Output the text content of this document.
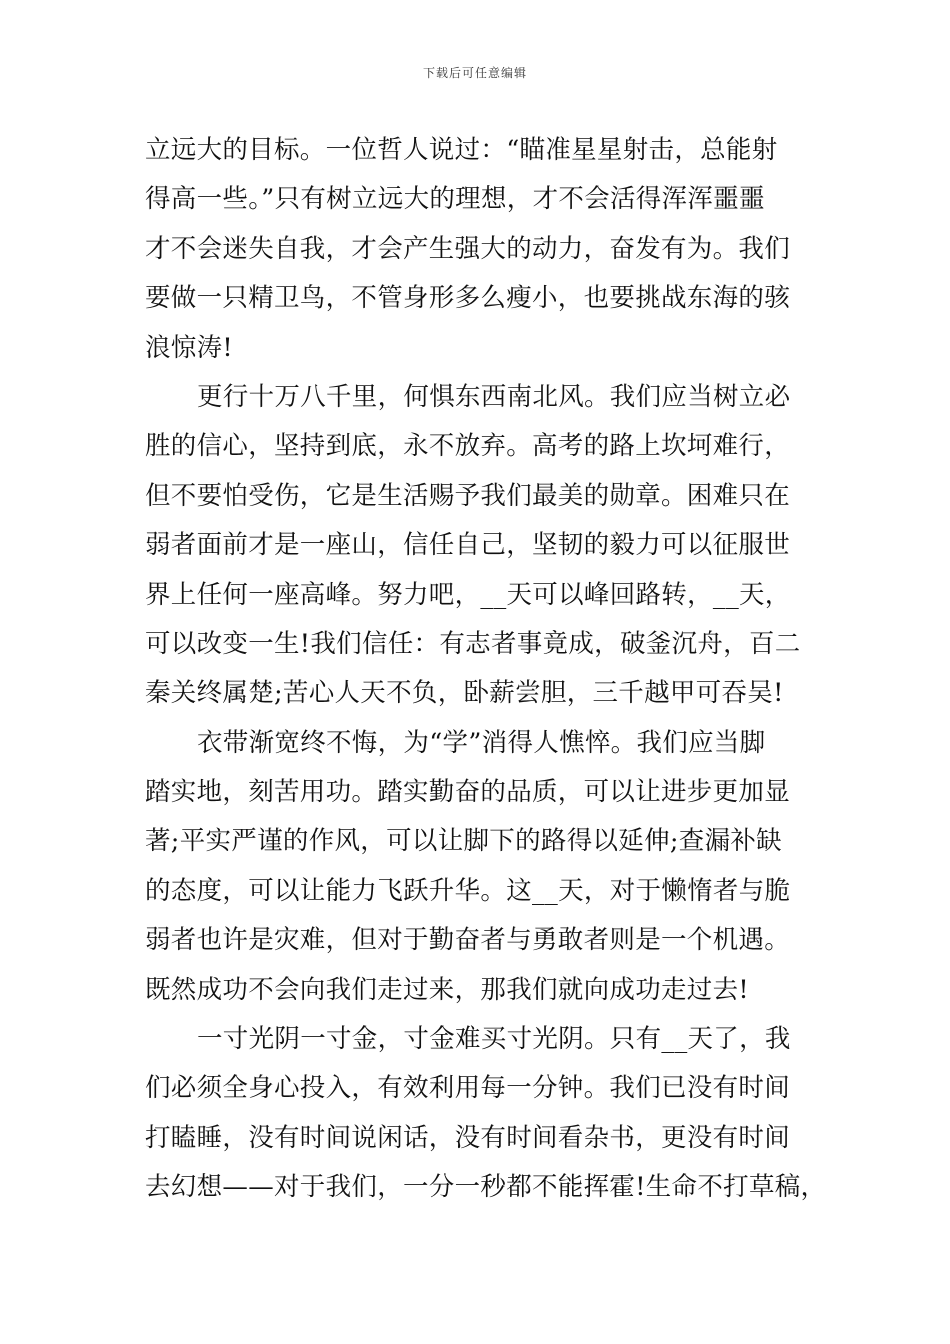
下载后可任意编辑
立远大的目标。一位哲人说过：“瞄准星星射击，总能射
得高一些。”只有树立远大的理想，才不会活得浑浑噩噩
才不会迷失自我，才会产生强大的动力，奋发有为。我们
要做一只精卫鸟，不管身形多么瘦小，也要挑战东海的骇
浪惊涛!
更行十万八千里，何惧东西南北风。我们应当树立必
胜的信心，坚持到底，永不放弃。高考的路上坎坷难行，
但不要怕受伤，它是生活赐予我们最美的勋章。困难只在
弱者面前才是一座山，信任自己，坚韧的毅力可以征服世
界上任何一座高峰。努力吧，__天可以峰回路转，__天，
可以改变一生!我们信任：有志者事竟成，破釜沉舟，百二
秦关终属楚;苦心人天不负，卧薪尝胆，三千越甲可吞吴!
衣带渐宽终不悔，为“学”消得人憔悴。我们应当脚
踏实地，刻苦用功。踏实勤奋的品质，可以让进步更加显
著;平实严谨的作风，可以让脚下的路得以延伸;查漏补缺
的态度，可以让能力飞跃升华。这__天，对于懒惰者与脆
弱者也许是灾难，但对于勤奋者与勇敢者则是一个机遇。
既然成功不会向我们走过来，那我们就向成功走过去!
一寸光阴一寸金，寸金难买寸光阴。只有__天了，我
们必须全身心投入，有效利用每一分钟。我们已没有时间
打瞌睡，没有时间说闲话，没有时间看杂书，更没有时间
去幻想——对于我们，一分一秒都不能挥霍!生命不打草稿，
